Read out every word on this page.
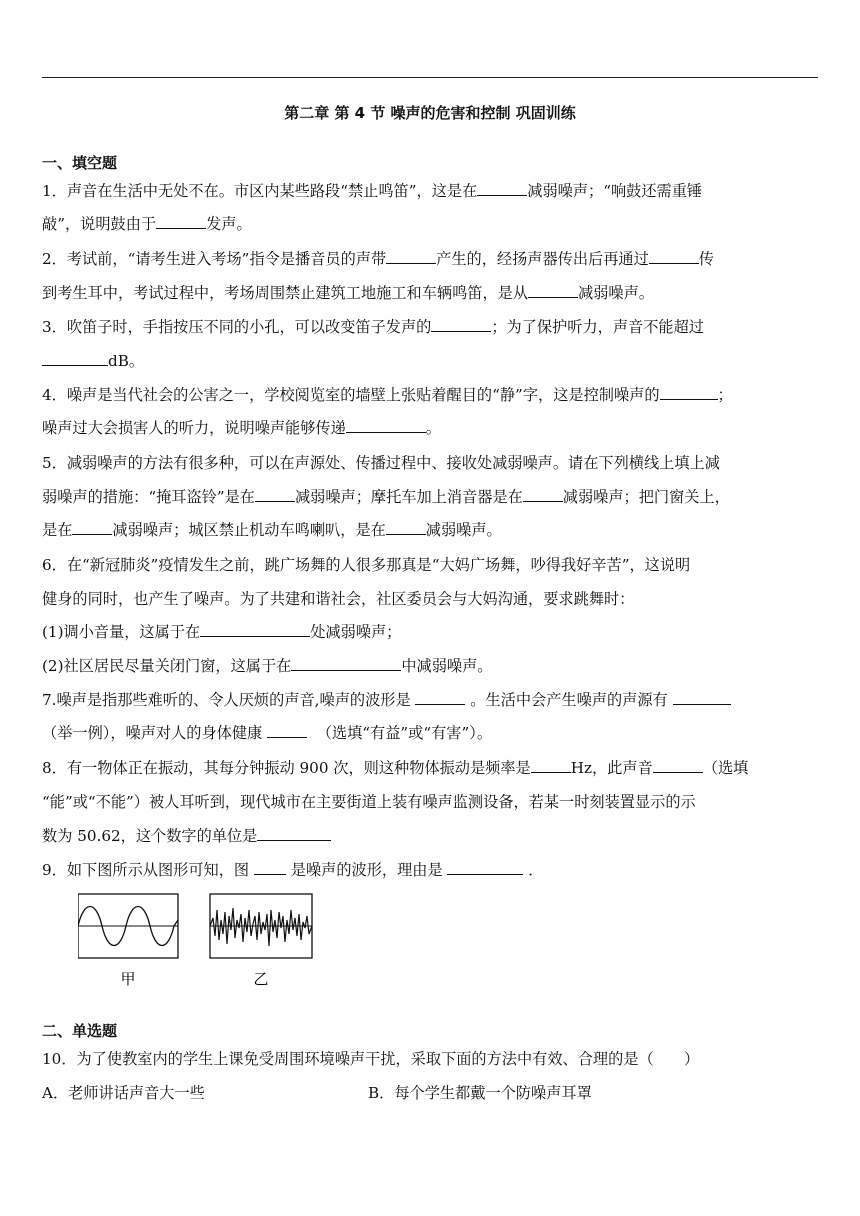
第二章 第 4 节 噪声的危害和控制 巩固训练
一、填空题
1．声音在生活中无处不在。市区内某些路段“禁止鸣笛”，这是在	减弱噪声；“响鼓还需重锤
敲”，说明鼓由于	发声。
2．考试前，“请考生进入考场”指令是播音员的声带	产生的，经扬声器传出后再通过	传
到考生耳中，考试过程中，考场周围禁止建筑工地施工和车辆鸣笛，是从	减弱噪声。
3．吹笛子时，手指按压不同的小孔，可以改变笛子发声的	；为了保护听力，声音不能超过
dB。
4．噪声是当代社会的公害之一，学校阅览室的墙壁上张贴着醒目的“静”字，这是控制噪声的	；
噪声过大会损害人的听力，说明噪声能够传递	。
5．减弱噪声的方法有很多种，可以在声源处、传播过程中、接收处减弱噪声。请在下列横线上填上减
弱噪声的措施：“掩耳盗铃”是在	减弱噪声；摩托车加上消音器是在	减弱噪声；把门窗关上，
是在	减弱噪声；城区禁止机动车鸣喇叭，是在	减弱噪声。
6．在“新冠肺炎”疫情发生之前，跳广场舞的人很多那真是“大妈广场舞，吵得我好辛苦”，这说明
健身的同时，也产生了噪声。为了共建和谐社会，社区委员会与大妈沟通，要求跳舞时：
(1)调小音量，这属于在	处减弱噪声；
(2)社区居民尽量关闭门窗，这属于在	中减弱噪声。
7.噪声是指那些难听的、令人厌烦的声音,噪声的波形是	。生活中会产生噪声的声源有
（举一例），噪声对人的身体健康	（选填“有益”或“有害”）。
8．有一物体正在振动，其每分钟振动 900 次，则这种物体振动是频率是	Hz，此声音	（选填
“能”或“不能”）被人耳听到，现代城市在主要街道上装有噪声监测设备，若某一时刻装置显示的示
数为 50.62，这个数字的单位是
9．如下图所示从图形可知，图	是噪声的波形，理由是	．
甲	乙
二、单选题
10．为了使教室内的学生上课免受周围环境噪声干扰，采取下面的方法中有效、合理的是（　　）
A．老师讲话声音大一些	B．每个学生都戴一个防噪声耳罩
